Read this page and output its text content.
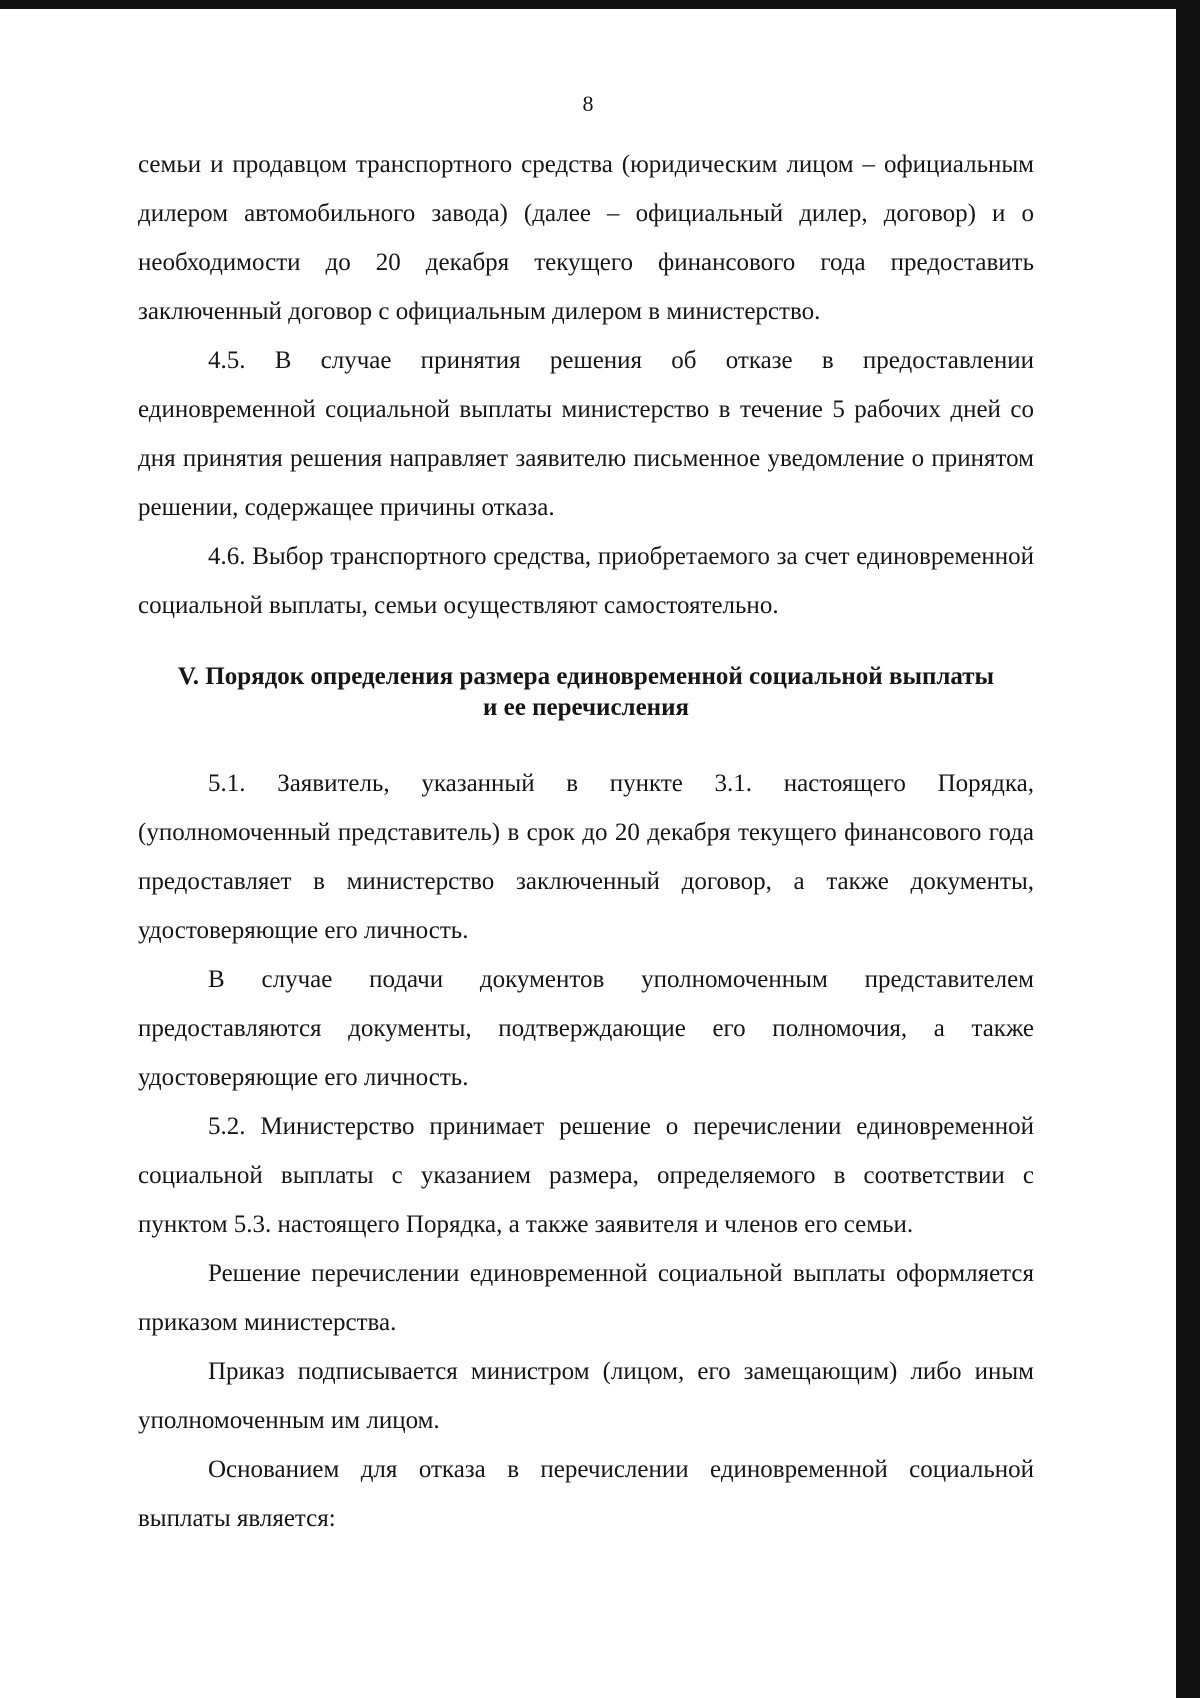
8

семьи и продавцом транспортного средства (юридическим лицом – официальным дилером автомобильного завода) (далее – официальный дилер, договор) и о необходимости до 20 декабря текущего финансового года предоставить заключенный договор с официальным дилером в министерство.

4.5. В случае принятия решения об отказе в предоставлении единовременной социальной выплаты министерство в течение 5 рабочих дней со дня принятия решения направляет заявителю письменное уведомление о принятом решении, содержащее причины отказа.

4.6. Выбор транспортного средства, приобретаемого за счет единовременной социальной выплаты, семьи осуществляют самостоятельно.

V. Порядок определения размера единовременной социальной выплаты
и ее перечисления

5.1. Заявитель, указанный в пункте 3.1. настоящего Порядка, (уполномоченный представитель) в срок до 20 декабря текущего финансового года предоставляет в министерство заключенный договор, а также документы, удостоверяющие его личность.

В случае подачи документов уполномоченным представителем предоставляются документы, подтверждающие его полномочия, а также удостоверяющие его личность.

5.2. Министерство принимает решение о перечислении единовременной социальной выплаты с указанием размера, определяемого в соответствии с пунктом 5.3. настоящего Порядка, а также заявителя и членов его семьи.

Решение перечислении единовременной социальной выплаты оформляется приказом министерства.

Приказ подписывается министром (лицом, его замещающим) либо иным уполномоченным им лицом.

Основанием для отказа в перечислении единовременной социальной выплаты является:
